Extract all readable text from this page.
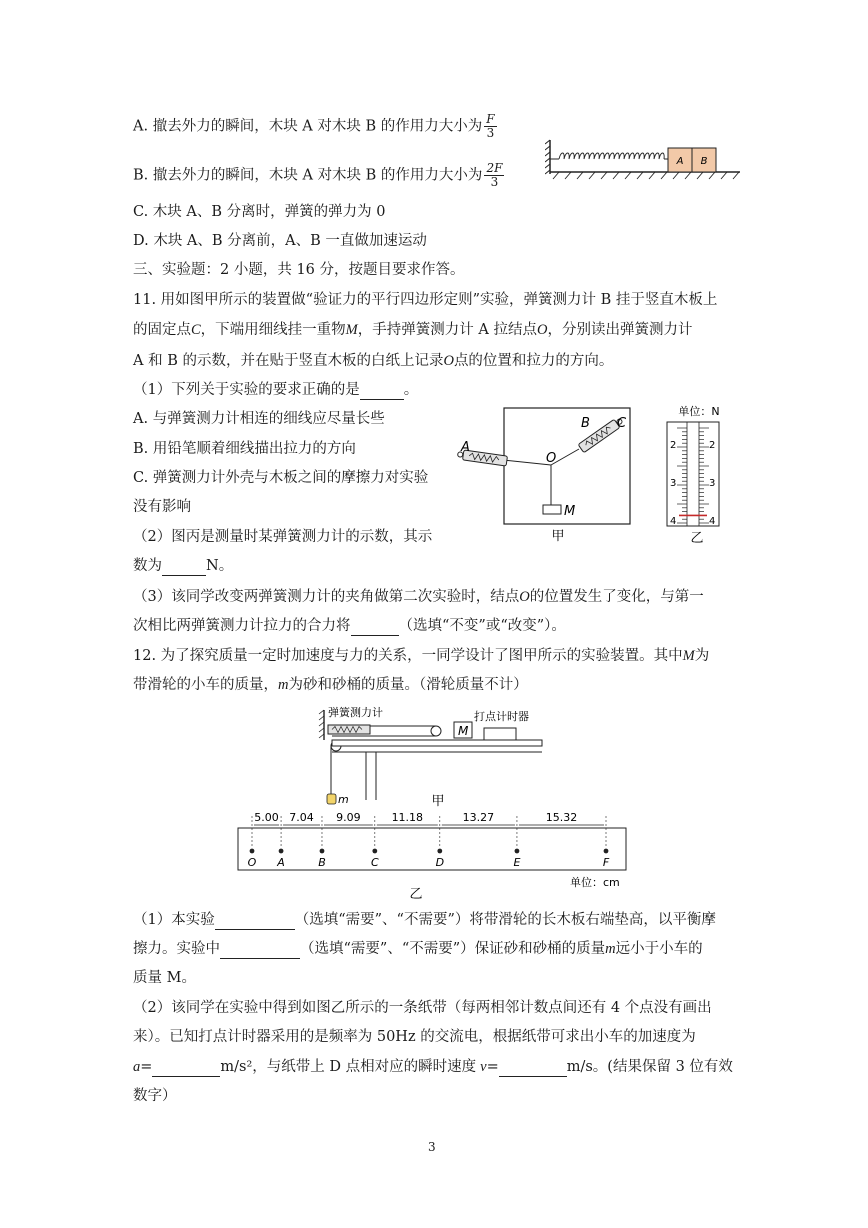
A. 撤去外力的瞬间，木块 A 对木块 B 的作用力大小为 $\frac{F}{3}$
B. 撤去外力的瞬间，木块 A 对木块 B 的作用力大小为 $\frac{2F}{3}$
C. 木块 A、B 分离时，弹簧的弹力为 0
D. 木块 A、B 分离前，A、B 一直做加速运动
A B
三、实验题：2 小题，共 16 分，按题目要求作答。
11. 用如图甲所示的装置做“验证力的平行四边形定则”实验，弹簧测力计 B 挂于竖直木板上
的固定点C，下端用细线挂一重物M，手持弹簧测力计 A 拉结点O，分别读出弹簧测力计
A 和 B 的示数，并在贴于竖直木板的白纸上记录O点的位置和拉力的方向。
（1）下列关于实验的要求正确的是	。
A. 与弹簧测力计相连的细线应尽量长些
B. 用铅笔顺着细线描出拉力的方向
C. 弹簧测力计外壳与木板之间的摩擦力对实验
没有影响
（2）图丙是测量时某弹簧测力计的示数，其示
数为	N。
（3）该同学改变两弹簧测力计的夹角做第二次实验时，结点O的位置发生了变化，与第一
次相比两弹簧测力计拉力的合力将	（选填“不变”或“改变”）。
A
B C
O
M
甲
单位：N
2
3
4
2
3
4
乙
12. 为了探究质量一定时加速度与力的关系，一同学设计了图甲所示的实验装置。其中M为
带滑轮的小车的质量，m为砂和砂桶的质量。（滑轮质量不计）
弹簧测力计	打点计时器
M
m	甲
O A	B	C	D	E	F
5.00 7.04 9.09	11.18	13.27	15.32
单位：cm
乙
（1）本实验	（选填“需要”、“不需要”）将带滑轮的长木板右端垫高，以平衡摩
擦力。实验中	（选填“需要”、“不需要”）保证砂和砂桶的质量m远小于小车的
质量 M。
（2）该同学在实验中得到如图乙所示的一条纸带（每两相邻计数点间还有 4 个点没有画出
来）。已知打点计时器采用的是频率为 50Hz 的交流电，根据纸带可求出小车的加速度为
a=	m/s²，与纸带上 D 点相对应的瞬时速度 v=	m/s。(结果保留 3 位有效
数字）
3
